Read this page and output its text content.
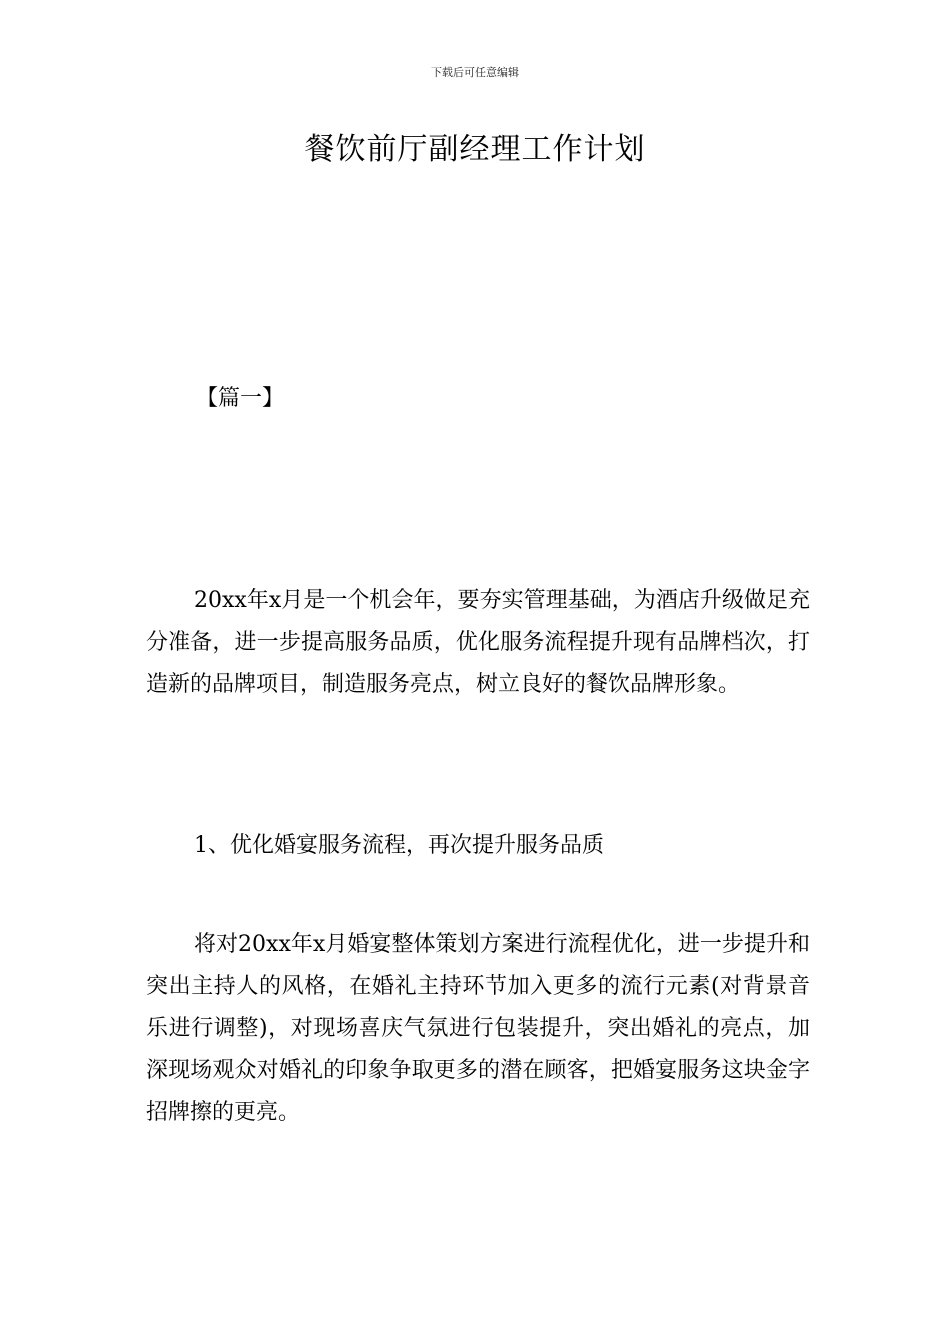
下载后可任意编辑
餐饮前厅副经理工作计划
【篇一】

20xx年x月是一个机会年，要夯实管理基础，为酒店升级做足充分准备，进一步提高服务品质，优化服务流程提升现有品牌档次，打造新的品牌项目，制造服务亮点，树立良好的餐饮品牌形象。

1、优化婚宴服务流程，再次提升服务品质

将对20xx年x月婚宴整体策划方案进行流程优化，进一步提升和突出主持人的风格，在婚礼主持环节加入更多的流行元素(对背景音乐进行调整)，对现场喜庆气氛进行包装提升，突出婚礼的亮点，加深现场观众对婚礼的印象争取更多的潜在顾客，把婚宴服务这块金字招牌擦的更亮。
